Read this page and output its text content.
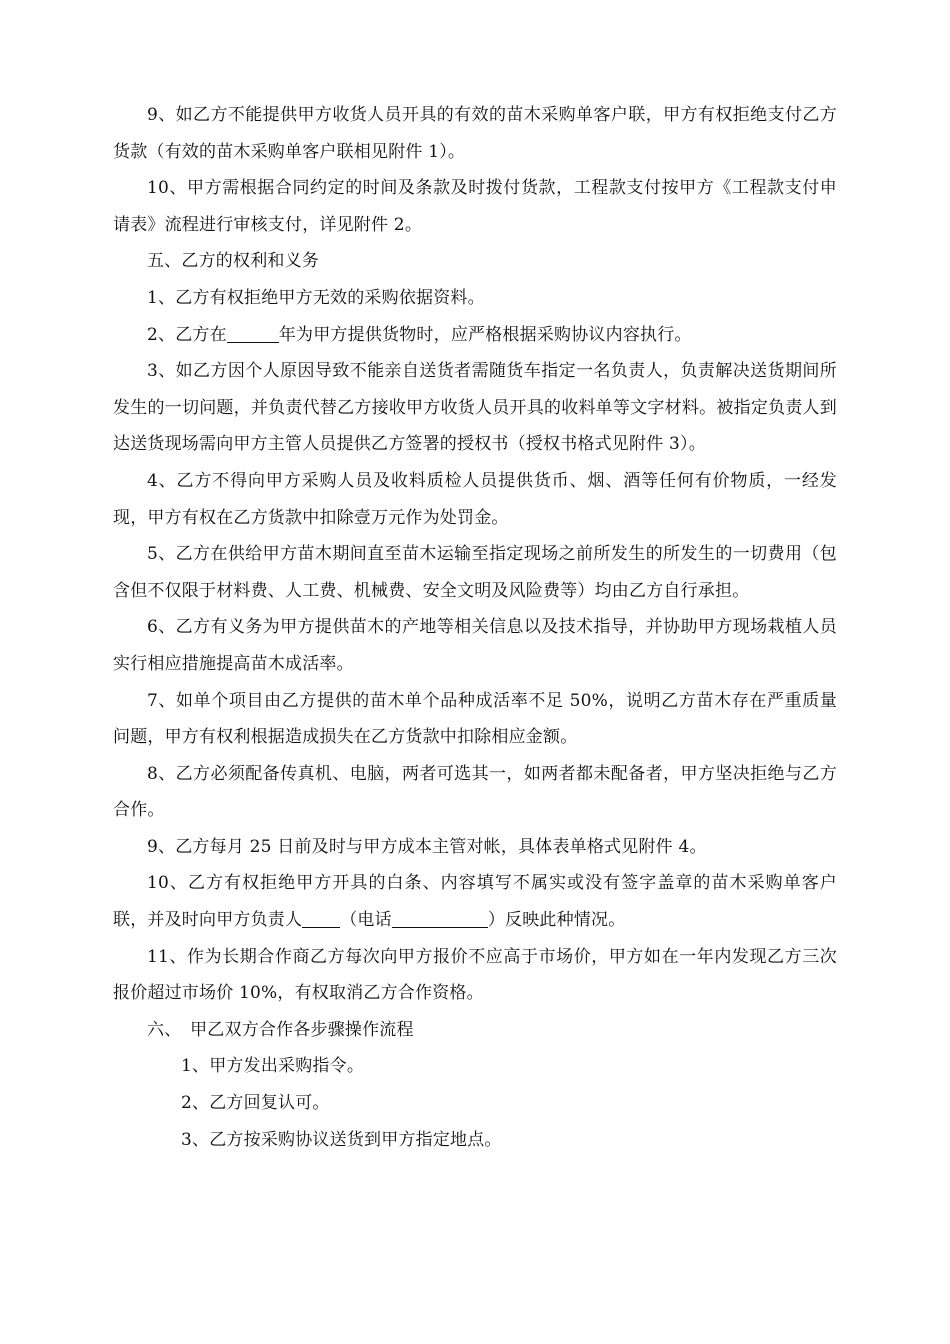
9、如乙方不能提供甲方收货人员开具的有效的苗木采购单客户联，甲方有权拒绝支付乙方货款（有效的苗木采购单客户联相见附件 1）。

10、甲方需根据合同约定的时间及条款及时拨付货款，工程款支付按甲方《工程款支付申请表》流程进行审核支付，详见附件 2。

五、乙方的权利和义务

1、乙方有权拒绝甲方无效的采购依据资料。

2、乙方在	年为甲方提供货物时，应严格根据采购协议内容执行。

3、如乙方因个人原因导致不能亲自送货者需随货车指定一名负责人，负责解决送货期间所发生的一切问题，并负责代替乙方接收甲方收货人员开具的收料单等文字材料。被指定负责人到达送货现场需向甲方主管人员提供乙方签署的授权书（授权书格式见附件 3）。

4、乙方不得向甲方采购人员及收料质检人员提供货币、烟、酒等任何有价物质，一经发现，甲方有权在乙方货款中扣除壹万元作为处罚金。

5、乙方在供给甲方苗木期间直至苗木运输至指定现场之前所发生的所发生的一切费用（包含但不仅限于材料费、人工费、机械费、安全文明及风险费等）均由乙方自行承担。

6、乙方有义务为甲方提供苗木的产地等相关信息以及技术指导，并协助甲方现场栽植人员实行相应措施提高苗木成活率。

7、如单个项目由乙方提供的苗木单个品种成活率不足 50%，说明乙方苗木存在严重质量问题，甲方有权利根据造成损失在乙方货款中扣除相应金额。

8、乙方必须配备传真机、电脑，两者可选其一，如两者都未配备者，甲方坚决拒绝与乙方合作。

9、乙方每月 25 日前及时与甲方成本主管对帐，具体表单格式见附件 4。

10、乙方有权拒绝甲方开具的白条、内容填写不属实或没有签字盖章的苗木采购单客户联，并及时向甲方负责人 （电话	）反映此种情况。

11、作为长期合作商乙方每次向甲方报价不应高于市场价，甲方如在一年内发现乙方三次报价超过市场价 10%，有权取消乙方合作资格。

六、　甲乙双方合作各步骤操作流程

1、甲方发出采购指令。

2、乙方回复认可。

3、乙方按采购协议送货到甲方指定地点。
